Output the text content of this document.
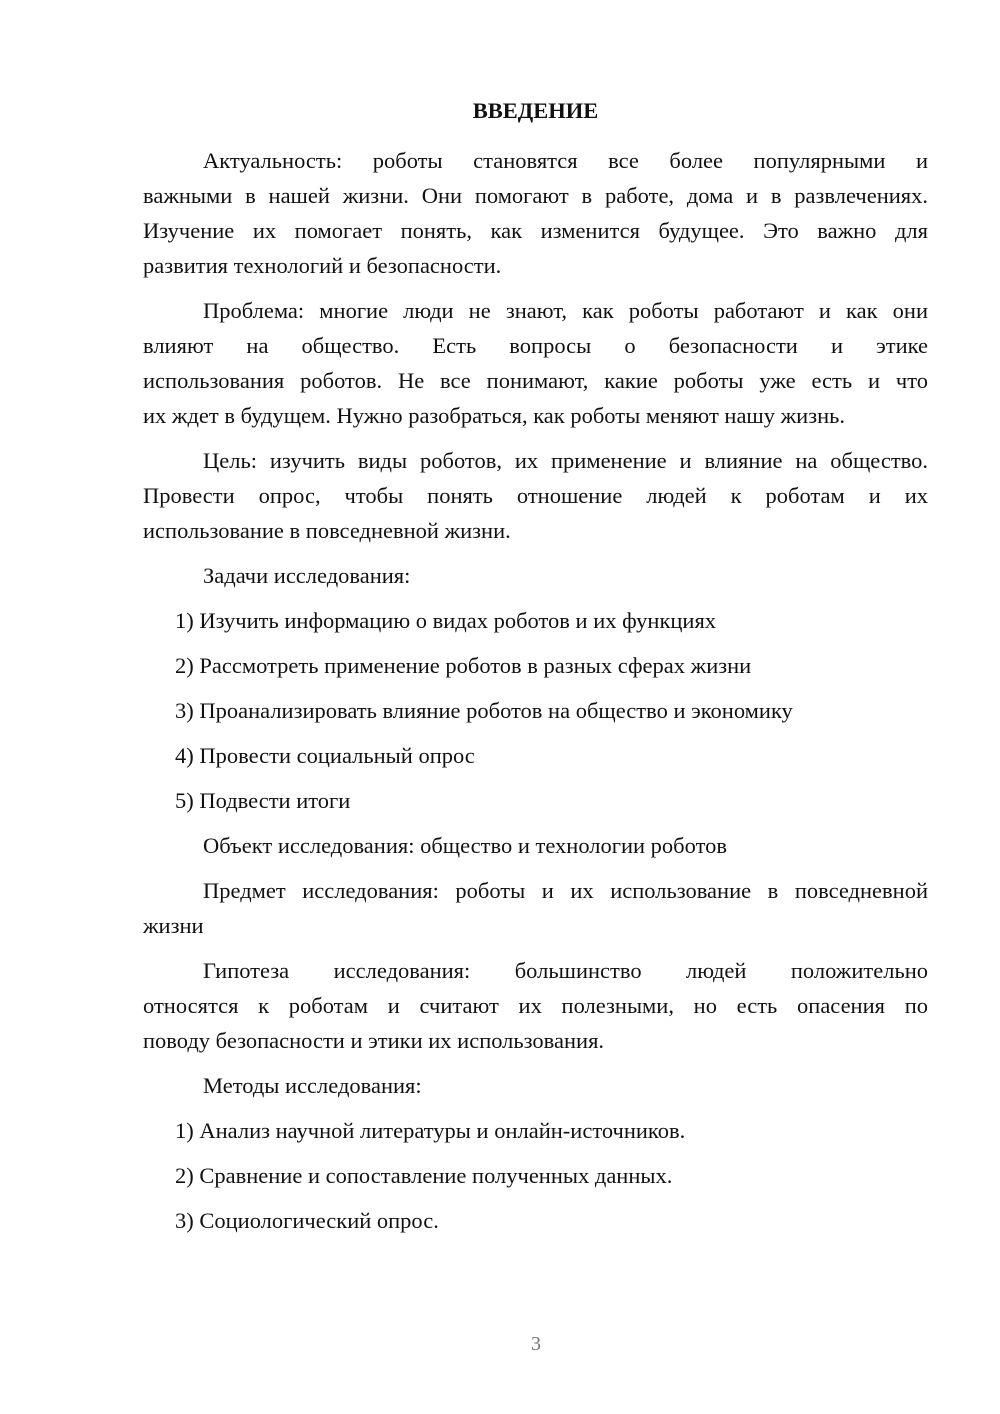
ВВЕДЕНИЕ
Актуальность: роботы становятся все более популярными и
важными в нашей жизни. Они помогают в работе, дома и в развлечениях.
Изучение их помогает понять, как изменится будущее. Это важно для
развития технологий и безопасности.
Проблема: многие люди не знают, как роботы работают и как они
влияют на общество. Есть вопросы о безопасности и этике
использования роботов. Не все понимают, какие роботы уже есть и что
их ждет в будущем. Нужно разобраться, как роботы меняют нашу жизнь.
Цель: изучить виды роботов, их применение и влияние на общество.
Провести опрос, чтобы понять отношение людей к роботам и их
использование в повседневной жизни.
Задачи исследования:
1) Изучить информацию о видах роботов и их функциях
2) Рассмотреть применение роботов в разных сферах жизни
3) Проанализировать влияние роботов на общество и экономику
4) Провести социальный опрос
5) Подвести итоги
Объект исследования: общество и технологии роботов
Предмет исследования: роботы и их использование в повседневной
жизни
Гипотеза исследования: большинство людей положительно
относятся к роботам и считают их полезными, но есть опасения по
поводу безопасности и этики их использования.
Методы исследования:
1) Анализ научной литературы и онлайн-источников.
2) Сравнение и сопоставление полученных данных.
3) Социологический опрос.
3
